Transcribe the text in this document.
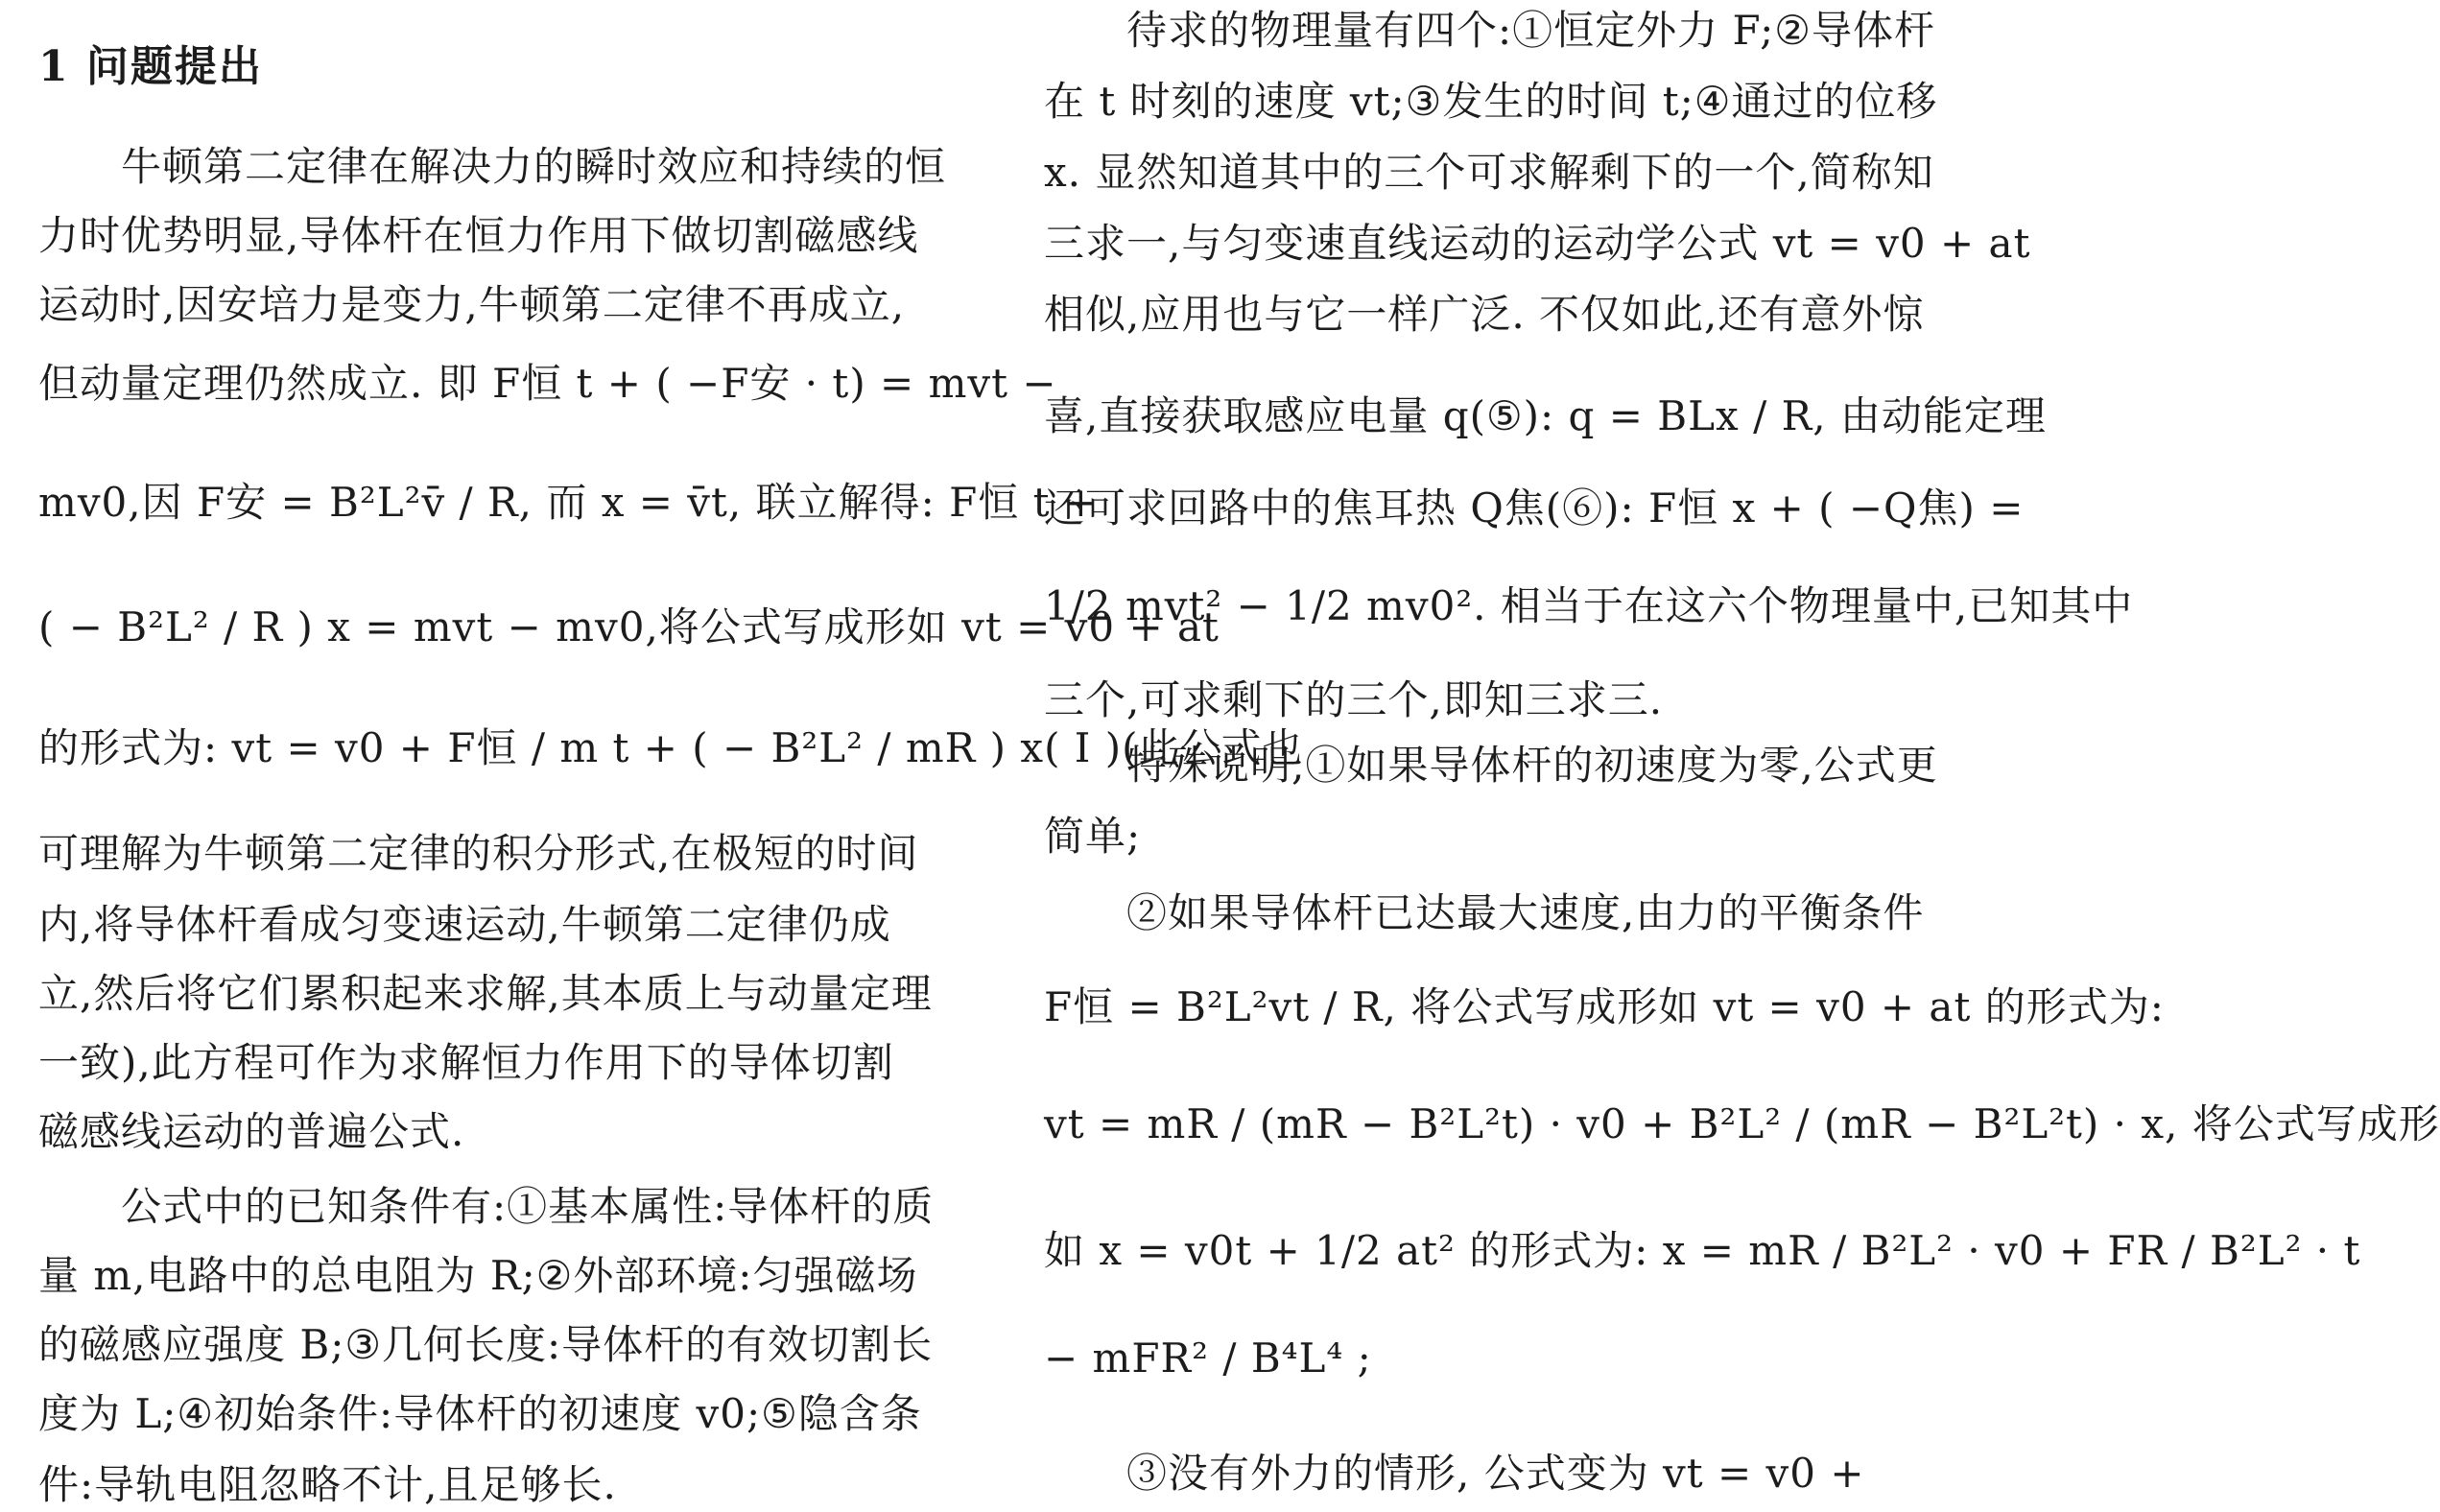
1 问题提出
牛顿第二定律在解决力的瞬时效应和持续的恒
力时优势明显,导体杆在恒力作用下做切割磁感线
运动时,因安培力是变力,牛顿第二定律不再成立,
但动量定理仍然成立. 即 F恒 t + ( −F安 · t) = mvt −
mv0,因 F安 = B²L²v̄ / R, 而 x = v̄t, 联立解得: F恒 t +
( − B²L² / R ) x = mvt − mv0,将公式写成形如 vt = v0 + at
的形式为: vt = v0 + F恒 / m t + ( − B²L² / mR ) x( Ⅰ )(此公式也
可理解为牛顿第二定律的积分形式,在极短的时间
内,将导体杆看成匀变速运动,牛顿第二定律仍成
立,然后将它们累积起来求解,其本质上与动量定理
一致),此方程可作为求解恒力作用下的导体切割
磁感线运动的普遍公式.
公式中的已知条件有:①基本属性:导体杆的质
量 m,电路中的总电阻为 R;②外部环境:匀强磁场
的磁感应强度 B;③几何长度:导体杆的有效切割长
度为 L;④初始条件:导体杆的初速度 v0;⑤隐含条
件:导轨电阻忽略不计,且足够长.
待求的物理量有四个:①恒定外力 F;②导体杆
在 t 时刻的速度 vt;③发生的时间 t;④通过的位移
x. 显然知道其中的三个可求解剩下的一个,简称知
三求一,与匀变速直线运动的运动学公式 vt = v0 + at
相似,应用也与它一样广泛. 不仅如此,还有意外惊
喜,直接获取感应电量 q(⑤): q = BLx / R, 由动能定理
还可求回路中的焦耳热 Q焦(⑥): F恒 x + ( −Q焦) =
1/2 mvt² − 1/2 mv0². 相当于在这六个物理量中,已知其中
三个,可求剩下的三个,即知三求三.
特殊说明,①如果导体杆的初速度为零,公式更
简单;
②如果导体杆已达最大速度,由力的平衡条件
F恒 = B²L²vt / R, 将公式写成形如 vt = v0 + at 的形式为:
vt = mR / (mR − B²L²t) · v0 + B²L² / (mR − B²L²t) · x, 将公式写成形
如 x = v0t + 1/2 at² 的形式为: x = mR / B²L² · v0 + FR / B²L² · t
− mFR² / B⁴L⁴ ;
③没有外力的情形, 公式变为 vt = v0 +
